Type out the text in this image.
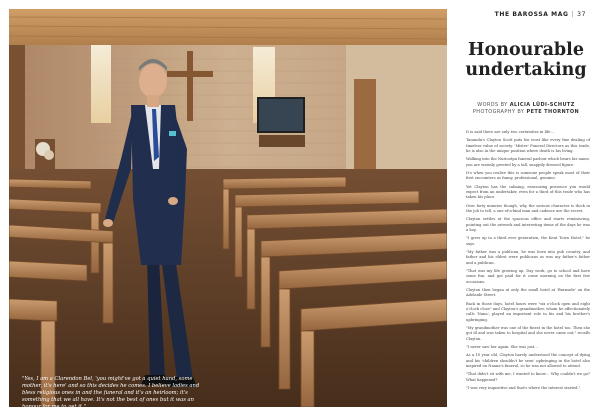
"Yes, I am a Clarendon Bel, 'you might've got a quiet hand, some mother, it's here' and so this decides he comes. I believe ladies and bless religious ones in and the funeral and it's an heirloom; it's something that we all have. It's not the best of ones but it was an honour for me to get it."
– Clayton Scott
THE BAROSSA MAG | 37
Honourable
undertaking
WORDS BY ALICIA LÜDI-SCHUTZ
PHOTOGRAPHY BY PETE THORNTON

It is said there are only two certainties in life…

Tanunda's Clayton Scott puts his trust like every fine dealing of timeless value of society. 'Mister' Funeral Directors as this trade, he is also in the unique position where death is his living.

Walking into the Nuriootpa funeral parlour which bears his name, you are warmly greeted by a tall, snappily dressed figure.

It's when you realise this is someone people speak most of their first encounters as funny, professional, genuine.

Yet Clayton has the calming, reassuring presence you would expect from an undertaker, even for a third of this trade who has taken his place.

Over forty minutes though, why the serious character is thick in the job to tell, a one-of-a-kind man and cadence are the secret.

Clayton settles at the spacious office and starts reminiscing, pointing out the artwork and interesting items of the days he was a boy.

"I grew up in a third ever generation, the Kent Town Hotel," he says.

"My father was a publican, he was born into pub country, and father and his eldest were publicans as was my father's father and a publican.

"That was my life growing up. Day work, go to school and have some fun, and got paid for it come morning on the first few occasions.

Clayton then began at only the small hotel at 'Burnside' on the Adelaide Street.

Back in those days, hotel hours were "six o'clock open and eight o'clock close" and Clayton's grandmother, whom he affectionately calls 'Nana', played an important role in his and his brother's upbringing.

"My grandmother was one of the finest in the hotel too. Then she got ill and was taken to hospital and she never came out," recalls Clayton.

"I never saw her again. She was just…

As a 10 year old, Clayton barely understood the concept of dying and his 'children shouldn't be seen' upbringing in the hotel also inspired on Nanna's funeral, so he was not allowed to attend.

"That didn't sit with me, I wanted to know… Why couldn't we go? What happened?

"I was very inquisitive and that's where the interest started."
